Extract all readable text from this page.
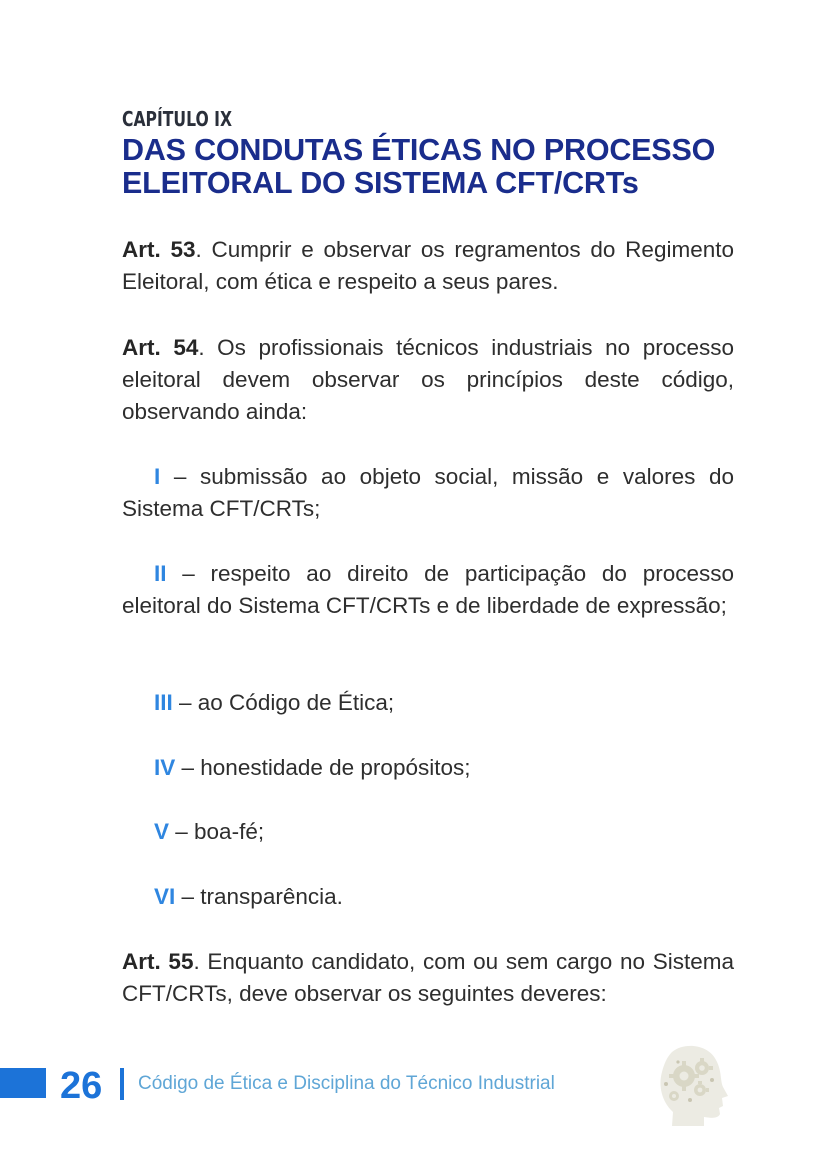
CAPÍTULO IX
DAS CONDUTAS ÉTICAS NO PROCESSO ELEITORAL DO SISTEMA CFT/CRTs

Art. 53. Cumprir e observar os regramentos do Regimento Eleitoral, com ética e respeito a seus pares.

Art. 54. Os profissionais técnicos industriais no processo eleitoral devem observar os princípios deste código, observando ainda:

I – submissão ao objeto social, missão e valores do Sistema CFT/CRTs;

II – respeito ao direito de participação do processo eleitoral do Sistema CFT/CRTs e de liberdade de expressão;

III – ao Código de Ética;

IV – honestidade de propósitos;

V – boa-fé;

VI – transparência.

Art. 55. Enquanto candidato, com ou sem cargo no Sistema CFT/CRTs, deve observar os seguintes deveres:

26 Código de Ética e Disciplina do Técnico Industrial
